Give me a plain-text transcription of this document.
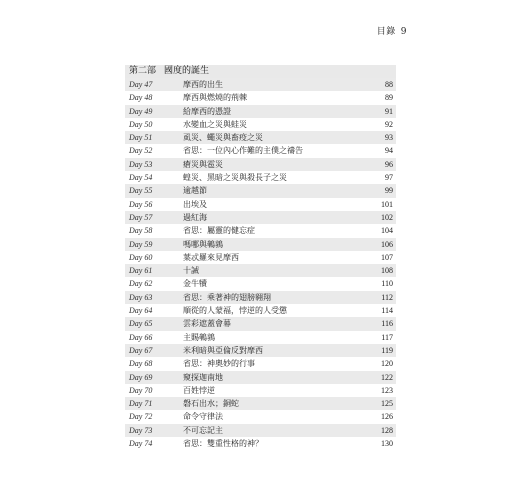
目錄 9
第二部 國度的誕生
Day 47	摩西的出生	88
Day 48	摩西與燃燒的荊棘	89
Day 49	給摩西的憑證	91
Day 50	水變血之災與蛙災	92
Day 51	虱災、蠅災與畜疫之災	93
Day 52	省思：一位內心作難的主僕之禱告	94
Day 53	瘡災與雹災	96
Day 54	蝗災、黑暗之災與殺長子之災	97
Day 55	逾越節	99
Day 56	出埃及	101
Day 57	過紅海	102
Day 58	省思：屬靈的健忘症	104
Day 59	嗎哪與鵪鶉	106
Day 60	葉忒羅來見摩西	107
Day 61	十誡	108
Day 62	金牛犢	110
Day 63	省思：乘著神的翅膀翱翔	112
Day 64	順從的人蒙福，悖逆的人受懲	114
Day 65	雲彩遮蓋會幕	116
Day 66	主賜鵪鶉	117
Day 67	米利暗與亞倫反對摩西	119
Day 68	省思：神奧妙的行事	120
Day 69	窺探迦南地	122
Day 70	百姓悖逆	123
Day 71	磐石出水；銅蛇	125
Day 72	命令守律法	126
Day 73	不可忘記主	128
Day 74	省思：雙重性格的神？	130
